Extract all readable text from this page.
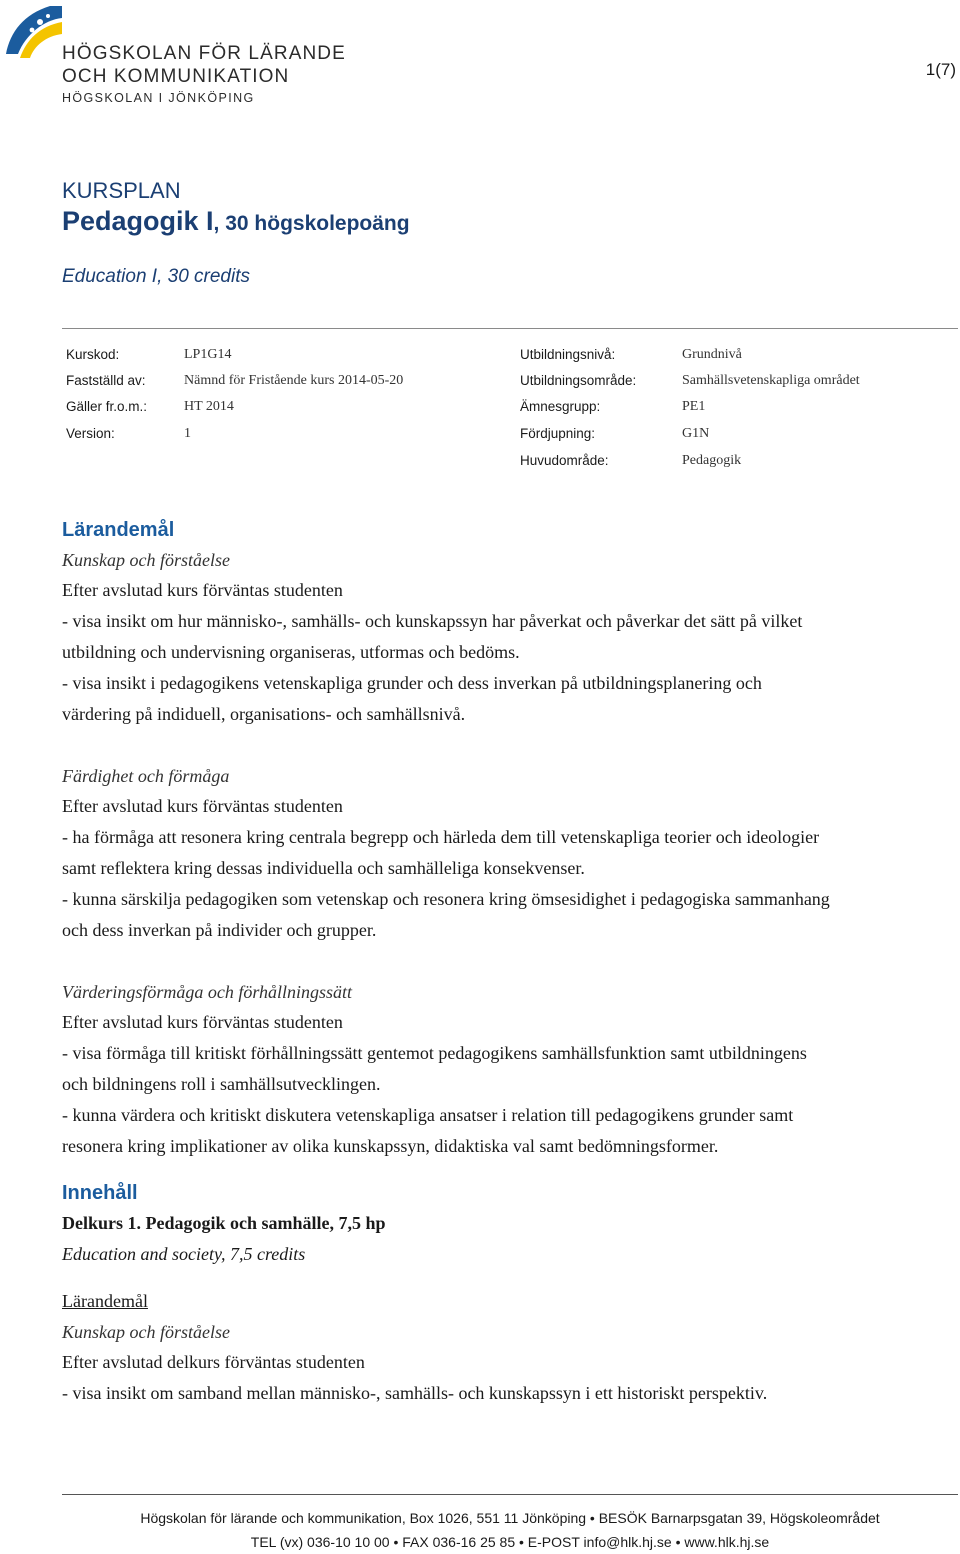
HÖGSKOLAN FÖR LÄRANDE
OCH KOMMUNIKATION
HÖGSKOLAN I JÖNKÖPING
1(7)
KURSPLAN
Pedagogik I, 30 högskolepoäng
Education I, 30 credits
Kurskod:	LP1G14	Utbildningsnivå:	Grundnivå
Fastställd av:	Nämnd för Fristående kurs 2014-05-20	Utbildningsområde:	Samhällsvetenskapliga området
Gäller fr.o.m.:	HT 2014	Ämnesgrupp:	PE1
Version:	1	Fördjupning:	G1N
Huvudområde:	Pedagogik

Lärandemål

Kunskap och förståelse

Efter avslutad kurs förväntas studenten

- visa insikt om hur människo-, samhälls- och kunskapssyn har påverkat och påverkar det sätt på vilket

utbildning och undervisning organiseras, utformas och bedöms.

- visa insikt i pedagogikens vetenskapliga grunder och dess inverkan på utbildningsplanering och

värdering på indiduell, organisations- och samhällsnivå.

Färdighet och förmåga

Efter avslutad kurs förväntas studenten

- ha förmåga att resonera kring centrala begrepp och härleda dem till vetenskapliga teorier och ideologier

samt reflektera kring dessas individuella och samhälleliga konsekvenser.

- kunna särskilja pedagogiken som vetenskap och resonera kring ömsesidighet i pedagogiska sammanhang

och dess inverkan på individer och grupper.

Värderingsförmåga och förhållningssätt

Efter avslutad kurs förväntas studenten

- visa förmåga till kritiskt förhållningssätt gentemot pedagogikens samhällsfunktion samt utbildningens

och bildningens roll i samhällsutvecklingen.

- kunna värdera och kritiskt diskutera vetenskapliga ansatser i relation till pedagogikens grunder samt

resonera kring implikationer av olika kunskapssyn, didaktiska val samt bedömningsformer.

Innehåll

Delkurs 1. Pedagogik och samhälle, 7,5 hp

Education and society, 7,5 credits

Lärandemål

Kunskap och förståelse

Efter avslutad delkurs förväntas studenten

- visa insikt om samband mellan människo-, samhälls- och kunskapssyn i ett historiskt perspektiv.

Högskolan för lärande och kommunikation, Box 1026, 551 11 Jönköping • BESÖK Barnarpsgatan 39, Högskoleområdet
TEL (vx) 036-10 10 00 • FAX 036-16 25 85 • E-POST info@hlk.hj.se • www.hlk.hj.se
